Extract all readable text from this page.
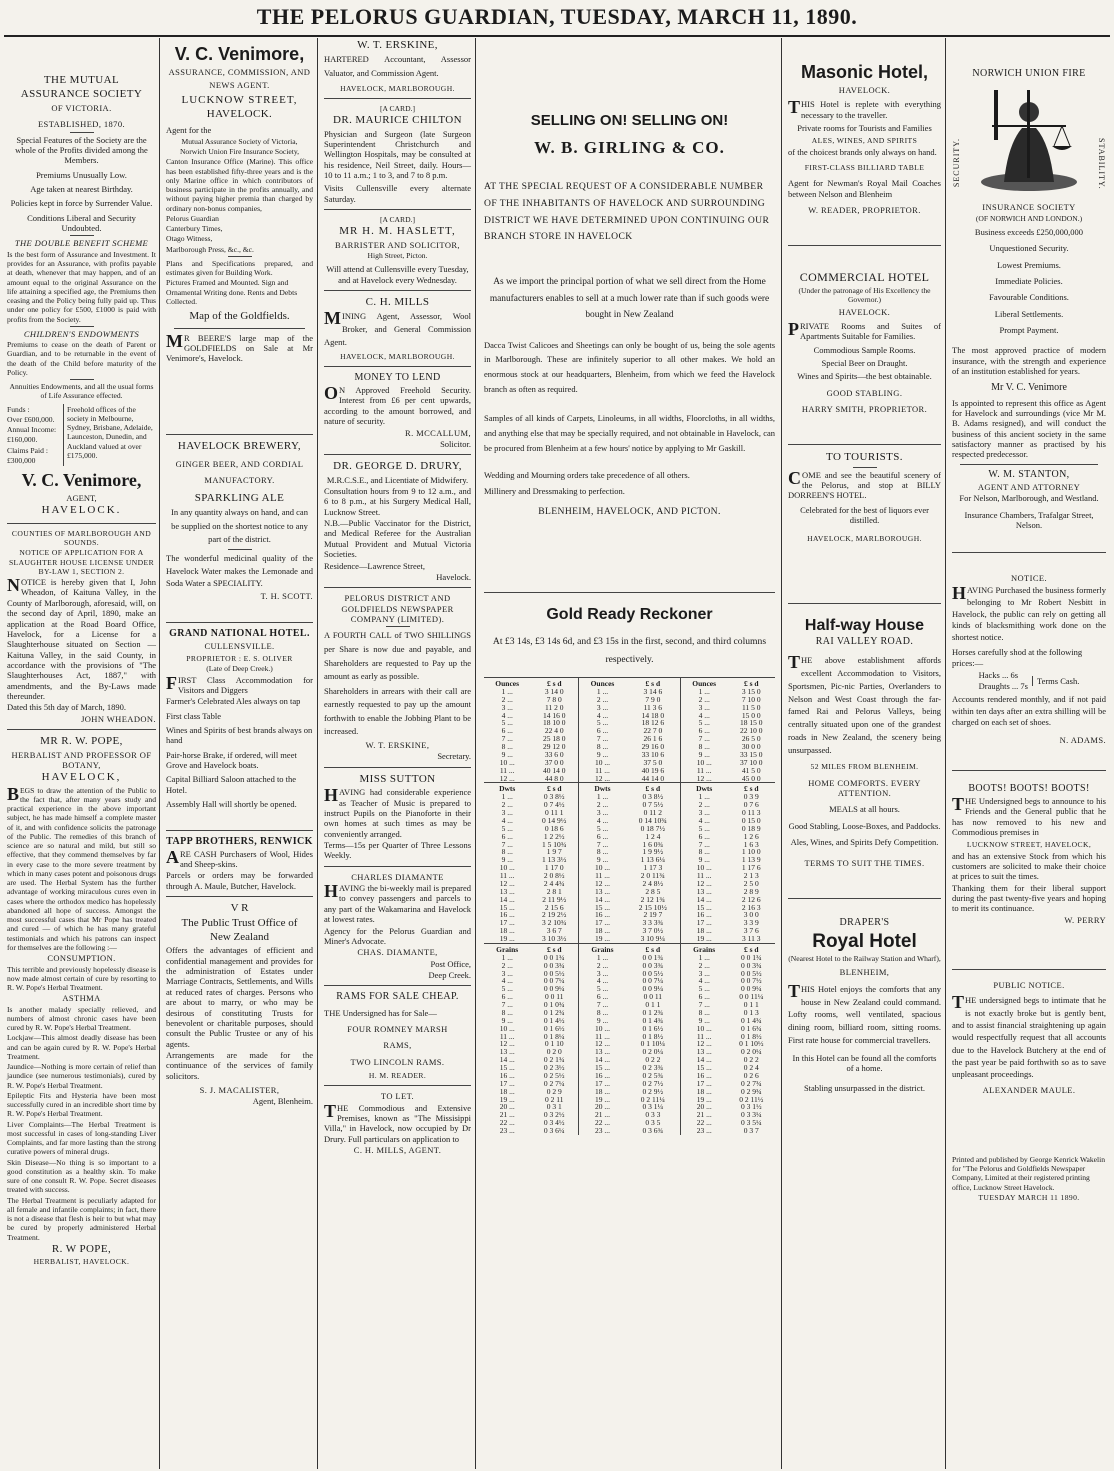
THE PELORUS GUARDIAN, TUESDAY, MARCH 11, 1890.

THE MUTUAL

ASSURANCE SOCIETY

OF VICTORIA.

ESTABLISHED, 1870.

Special Features of the Society are the whole of the Profits divided among the Members.

Premiums Unusually Low.

Age taken at nearest Birthday.

Policies kept in force by Surrender Value.

Conditions Liberal and Security Undoubted.

THE DOUBLE BENEFIT SCHEME

Is the best form of Assurance and Investment. It provides for an Assurance, with profits payable at death, whenever that may happen, and of an amount equal to the original Assurance on the life attaining a specified age, the Premiums then ceasing and the Policy being fully paid up. Thus under one policy for £500, £1000 is paid with profits from the Society.

CHILDREN'S ENDOWMENTS

Premiums to cease on the death of Parent or Guardian, and to be returnable in the event of the death of the Child before maturity of the Policy.

Annuities Endowments, and all the usual forms of Life Assurance effected.

Funds :

Over £600,000.

Annual Income:

£160,000.

Claims Paid :

£300,000

Freehold offices of the society in Melbourne, Sydney, Brisbane, Adelaide, Launceston, Dunedin, and Auckland valued at over £175,000.

V. C. Venimore,

AGENT,

HAVELOCK.

COUNTIES OF MARLBOROUGH AND SOUNDS.

NOTICE OF APPLICATION FOR A SLAUGHTER HOUSE LICENSE UNDER BY-LAW 1, SECTION 2.

NOTICE is hereby given that I, John Wheadon, of Kaituna Valley, in the County of Marlborough, aforesaid, will, on the second day of April, 1890, make an application at the Road Board Office, Havelock, for a License for a Slaughterhouse situated on Section — Kaituna Valley, in the said County, in accordance with the provisions of "The Slaughterhouses Act, 1887," with amendments, and the By-Laws made thereunder.

Dated this 5th day of March, 1890.

JOHN WHEADON.

MR R. W. POPE,

HERBALIST AND PROFESSOR OF BOTANY,

HAVELOCK,

BEGS to draw the attention of the Public to the fact that, after many years study and practical experience in the above important subject, he has made himself a complete master of it, and with confidence solicits the patronage of the Public. The remedies of this branch of science are so natural and mild, but still so effective, that they commend themselves by far in every case to the more severe treatment by which in many cases potent and poisonous drugs are used. The Herbal System has the further advantage of working miraculous cures even in cases where the orthodox medico has hopelessly abandoned all hope of success. Amongst the most successful cases that Mr Pope has treated and cured — of which he has many grateful testimonials and which his patrons can inspect for themselves are the following :—

CONSUMPTION.

This terrible and previously hopelessly disease is now made almost certain of cure by resorting to R. W. Pope's Herbal Treatment.

ASTHMA

Is another malady specially relieved, and numbers of almost chronic cases have been cured by R. W. Pope's Herbal Treatment.

Lockjaw—This almost deadly disease has been and can be again cured by R. W. Pope's Herbal Treatment.

Jaundice—Nothing is more certain of relief than jaundice (see numerous testimonials), cured by R. W. Pope's Herbal Treatment.

Epileptic Fits and Hysteria have been most successfully cured in an incredible short time by R. W. Pope's Herbal Treatment.

Liver Complaints—The Herbal Treatment is most successful in cases of long-standing Liver Complaints, and far more lasting than the strong curative powers of mineral drugs.

Skin Disease—No thing is so important to a good constitution as a healthy skin. To make sure of one consult R. W. Pope. Secret diseases treated with success.

The Herbal Treatment is peculiarly adapted for all female and infantile complaints; in fact, there is not a disease that flesh is heir to but what may be cured by properly administered Herbal Treatment.

R. W POPE,

HERBALIST, HAVELOCK.

V. C. Venimore,

ASSURANCE, COMMISSION, AND

NEWS AGENT.

LUCKNOW STREET,

HAVELOCK.

Agent for the

Mutual Assurance Society of Victoria,

Norwich Union Fire Insurance Society,

Canton Insurance Office (Marine). This office has been established fifty-three years and is the only Marine office in which contributors of business participate in the profits annually, and without paying higher premia than charged by ordinary non-bonus companies,

Pelorus Guardian

Canterbury Times,

Otago Witness,

Marlborough Press, &c., &c.

Plans and Specifications prepared, and estimates given for Building Work.

Pictures Framed and Mounted. Sign and Ornamental Writing done. Rents and Debts Collected.

Map of the Goldfields.

MR BEERE'S large map of the GOLDFIELDS on Sale at Mr Venimore's, Havelock.

HAVELOCK BREWERY,

GINGER BEER, AND CORDIAL

MANUFACTORY.

SPARKLING ALE

In any quantity always on hand, and can be supplied on the shortest notice to any part of the district.

The wonderful medicinal quality of the Havelock Water makes the Lemonade and Soda Water a SPECIALITY.

T. H. SCOTT.

GRAND NATIONAL HOTEL.

CULLENSVILLE.

PROPRIETOR : E. S. OLIVER

(Late of Deep Creek.)

FIRST Class Accommodation for Visitors and Diggers

Farmer's Celebrated Ales always on tap

First class Table

Wines and Spirits of best brands always on hand

Pair-horse Brake, if ordered, will meet Grove and Havelock boats.

Capital Billiard Saloon attached to the Hotel.

Assembly Hall will shortly be opened.

TAPP BROTHERS, RENWICK

ARE CASH Purchasers of Wool, Hides and Sheep-skins.

Parcels or orders may be forwarded through A. Maule, Butcher, Havelock.

V R

The Public Trust Office of

New Zealand

Offers the advantages of efficient and confidential management and provides for the administration of Estates under Marriage Contracts, Settlements, and Wills at reduced rates of charges. Persons who are about to marry, or who may be desirous of constituting Trusts for benevolent or charitable purposes, should consult the Public Trustee or any of his agents.

Arrangements are made for the continuance of the services of family solicitors.

S. J. MACALISTER,

Agent, Blenheim.

W. T. ERSKINE,

HARTERED Accountant, Assessor Valuator, and Commission Agent.

HAVELOCK, MARLBOROUGH.

[A CARD.]

DR. MAURICE CHILTON

Physician and Surgeon (late Surgeon Superintendent Christchurch and Wellington Hospitals, may be consulted at his residence, Neil Street, daily. Hours—10 to 11 a.m.; 1 to 3, and 7 to 8 p.m.

Visits Cullensville every alternate Saturday.

[A CARD.]

MR H. M. HASLETT,

BARRISTER AND SOLICITOR,

High Street, Picton.

Will attend at Cullensville every Tuesday, and at Havelock every Wednesday.

C. H. MILLS

MINING Agent, Assessor, Wool Broker, and General Commission Agent.

HAVELOCK, MARLBOROUGH.

MONEY TO LEND

ON Approved Freehold Security. Interest from £6 per cent upwards, according to the amount borrowed, and nature of security.

R. MCCALLUM,

Solicitor.

DR. GEORGE D. DRURY,

M.R.C.S.E., and Licentiate of Midwifery.

Consultation hours from 9 to 12 a.m., and 6 to 8 p.m., at his Surgery Medical Hall, Lucknow Street.

N.B.—Public Vaccinator for the District, and Medical Referee for the Australian Mutual Provident and Mutual Victoria Societies.

Residence—Lawrence Street,

Havelock.

PELORUS DISTRICT AND GOLDFIELDS NEWSPAPER COMPANY (LIMITED).

A FOURTH CALL of TWO SHILLINGS per Share is now due and payable, and Shareholders are requested to Pay up the amount as early as possible.

Shareholders in arrears with their call are earnestly requested to pay up the amount forthwith to enable the Jobbing Plant to be increased.

W. T. ERSKINE,

Secretary.

MISS SUTTON

HAVING had considerable experience as Teacher of Music is prepared to instruct Pupils on the Pianoforte in their own homes at such times as may be conveniently arranged.

Terms—15s per Quarter of Three Lessons Weekly.

CHARLES DIAMANTE

HAVING the bi-weekly mail is prepared to convey passengers and parcels to any part of the Wakamarina and Havelock at lowest rates.

Agency for the Pelorus Guardian and Miner's Advocate.

CHAS. DIAMANTE,

Post Office,

Deep Creek.

RAMS FOR SALE CHEAP.

THE Undersigned has for Sale—

FOUR ROMNEY MARSH

RAMS,

TWO LINCOLN RAMS.

H. M. READER.

TO LET.

THE Commodious and Extensive Premises, known as "The Missisippi Villa," in Havelock, now occupied by Dr Drury. Full particulars on application to

C. H. MILLS, AGENT.

SELLING ON! SELLING ON!

W. B. GIRLING & CO.

AT THE SPECIAL REQUEST OF A CONSIDERABLE NUMBER OF THE INHABITANTS OF HAVELOCK AND SURROUNDING DISTRICT WE HAVE DETERMINED UPON CONTINUING OUR BRANCH STORE IN HAVELOCK

As we import the principal portion of what we sell direct from the Home manufacturers enables to sell at a much lower rate than if such goods were bought in New Zealand

Dacca Twist Calicoes and Sheetings can only be bought of us, being the sole agents in Marlborough. These are infinitely superior to all other makes. We hold an enormous stock at our headquarters, Blenheim, from which we feed the Havelock branch as often as required.

Samples of all kinds of Carpets, Linoleums, in all widths, Floorcloths, in all widths, and anything else that may be specially required, and not obtainable in Havelock, can be procured from Blenheim at a few hours' notice by applying to Mr Gaskill.

Wedding and Mourning orders take precedence of all others.

Millinery and Dressmaking to perfection.

BLENHEIM, HAVELOCK, AND PICTON.

Gold Ready Reckoner

At £3 14s, £3 14s 6d, and £3 15s in the first, second, and third columns respectively.

Ounces	£ s d	Ounces	£ s d	Ounces	£ s d
1 ...	3 14 0	1 ...	3 14 6	1 ...	3 15 0
2 ...	7 8 0	2 ...	7 9 0	2 ...	7 10 0
3 ...	11 2 0	3 ...	11 3 6	3 ...	11 5 0
4 ...	14 16 0	4 ...	14 18 0	4 ...	15 0 0
5 ...	18 10 0	5 ...	18 12 6	5 ...	18 15 0
6 ...	22 4 0	6 ...	22 7 0	6 ...	22 10 0
7 ...	25 18 0	7 ...	26 1 6	7 ...	26 5 0
8 ...	29 12 0	8 ...	29 16 0	8 ...	30 0 0
9 ...	33 6 0	9 ...	33 10 6	9 ...	33 15 0
10 ...	37 0 0	10 ...	37 5 0	10 ...	37 10 0
11 ...	40 14 0	11 ...	40 19 6	11 ...	41 5 0
12 ...	44 8 0	12 ...	44 14 0	12 ...	45 0 0
Dwts	£ s d	Dwts	£ s d	Dwts	£ s d
1 ...	0 3 8½	1 ...	0 3 8½	1 ...	0 3 9
2 ...	0 7 4½	2 ...	0 7 5½	2 ...	0 7 6
3 ...	0 11 1	3 ...	0 11 2	3 ...	0 11 3
4 ...	0 14 9½	4 ...	0 14 10¾	4 ...	0 15 0
5 ...	0 18 6	5 ...	0 18 7½	5 ...	0 18 9
6 ...	1 2 2½	6 ...	1 2 4	6 ...	1 2 6
7 ...	1 5 10¾	7 ...	1 6 0¾	7 ...	1 6 3
8 ...	1 9 7	8 ...	1 9 9½	8 ...	1 10 0
9 ...	1 13 3½	9 ...	1 13 6¼	9 ...	1 13 9
10 ...	1 17 0	10 ...	1 17 3	10 ...	1 17 6
11 ...	2 0 8½	11 ...	2 0 11¾	11 ...	2 1 3
12 ...	2 4 4¾	12 ...	2 4 8½	12 ...	2 5 0
13 ...	2 8 1	13 ...	2 8 5	13 ...	2 8 9
14 ...	2 11 9½	14 ...	2 12 1¾	14 ...	2 12 6
15 ...	2 15 6	15 ...	2 15 10½	15 ...	2 16 3
16 ...	2 19 2½	16 ...	2 19 7	16 ...	3 0 0
17 ...	3 2 10¾	17 ...	3 3 3¾	17 ...	3 3 9
18 ...	3 6 7	18 ...	3 7 0½	18 ...	3 7 6
19 ...	3 10 3½	19 ...	3 10 9¼	19 ...	3 11 3
Grains	£ s d	Grains	£ s d	Grains	£ s d
1 ...	0 0 1¾	1 ...	0 0 1¾	1 ...	0 0 1¾
2 ...	0 0 3¾	2 ...	0 0 3¾	2 ...	0 0 3¾
3 ...	0 0 5½	3 ...	0 0 5½	3 ...	0 0 5½
4 ...	0 0 7¼	4 ...	0 0 7¼	4 ...	0 0 7½
5 ...	0 0 9¼	5 ...	0 0 9¼	5 ...	0 0 9¼
6 ...	0 0 11	6 ...	0 0 11	6 ...	0 0 11¼
7 ...	0 1 0¾	7 ...	0 1 1	7 ...	0 1 1
8 ...	0 1 2¾	8 ...	0 1 2¾	8 ...	0 1 3
9 ...	0 1 4½	9 ...	0 1 4¾	9 ...	0 1 4¾
10 ...	0 1 6½	10 ...	0 1 6½	10 ...	0 1 6¾
11 ...	0 1 8¼	11 ...	0 1 8½	11 ...	0 1 8½
12 ...	0 1 10	12 ...	0 1 10¼	12 ...	0 1 10½
13 ...	0 2 0	13 ...	0 2 0¼	13 ...	0 2 0¼
14 ...	0 2 1¾	14 ...	0 2 2	14 ...	0 2 2
15 ...	0 2 3½	15 ...	0 2 3¾	15 ...	0 2 4
16 ...	0 2 5½	16 ...	0 2 5¾	16 ...	0 2 6
17 ...	0 2 7¼	17 ...	0 2 7½	17 ...	0 2 7¾
18 ...	0 2 9	18 ...	0 2 9½	18 ...	0 2 9¾
19 ...	0 2 11	19 ...	0 2 11¼	19 ...	0 2 11½
20 ...	0 3 1	20 ...	0 3 1¼	20 ...	0 3 1½
21 ...	0 3 2½	21 ...	0 3 3	21 ...	0 3 3¼
22 ...	0 3 4½	22 ...	0 3 5	22 ...	0 3 5¼
23 ...	0 3 6¼	23 ...	0 3 6¾	23 ...	0 3 7

Masonic Hotel,

HAVELOCK.

THIS Hotel is replete with everything necessary to the traveller.

Private rooms for Tourists and Families

ALES, WINES, AND SPIRITS

of the choicest brands only always on hand.

FIRST-CLASS BILLIARD TABLE

Agent for Newman's Royal Mail Coaches between Nelson and Blenheim

W. READER, PROPRIETOR.

COMMERCIAL HOTEL

(Under the patronage of His Excellency the Governor.)

HAVELOCK.

PRIVATE Rooms and Suites of Apartments Suitable for Families.

Commodious Sample Rooms.

Special Beer on Draught.

Wines and Spirits—the best obtainable.

GOOD STABLING.

HARRY SMITH, PROPRIETOR.

TO TOURISTS.

COME and see the beautiful scenery of the Pelorus, and stop at BILLY DORREEN'S HOTEL.

Celebrated for the best of liquors ever distilled.

HAVELOCK, MARLBOROUGH.

Half-way House

RAI VALLEY ROAD.

THE above establishment affords excellent Accommodation to Visitors, Sportsmen, Pic-nic Parties, Overlanders to Nelson and West Coast through the far-famed Rai and Pelorus Valleys, being centrally situated upon one of the grandest roads in New Zealand, the scenery being unsurpassed.

52 MILES FROM BLENHEIM.

HOME COMFORTS. EVERY ATTENTION.

MEALS at all hours.

Good Stabling, Loose-Boxes, and Paddocks.

Ales, Wines, and Spirits Defy Competition.

TERMS TO SUIT THE TIMES.

DRAPER'S

Royal Hotel

(Nearest Hotel to the Railway Station and Wharf),

BLENHEIM,

THIS Hotel enjoys the comforts that any house in New Zealand could command. Lofty rooms, well ventilated, spacious dining room, billiard room, sitting rooms. First rate house for commercial travellers.

In this Hotel can be found all the comforts of a home.

Stabling unsurpassed in the district.

NORWICH UNION FIRE

SECURITY.	STABILITY.

INSURANCE SOCIETY

(OF NORWICH AND LONDON.)

Business exceeds £250,000,000

Unquestioned Security.

Lowest Premiums.

Immediate Policies.

Favourable Conditions.

Liberal Settlements.

Prompt Payment.

The most approved practice of modern insurance, with the strength and experience of an institution established for years.

Mr V. C. Venimore

Is appointed to represent this office as Agent for Havelock and surroundings (vice Mr M. B. Adams resigned), and will conduct the business of this ancient society in the same satisfactory manner as practised by his respected predecessor.

W. M. STANTON,

AGENT AND ATTORNEY

For Nelson, Marlborough, and Westland.

Insurance Chambers, Trafalgar Street, Nelson.

NOTICE.

HAVING Purchased the business formerly belonging to Mr Robert Nesbitt in Havelock, the public can rely on getting all kinds of blacksmithing work done on the shortest notice.

Horses carefully shod at the following prices:—

Hacks ... 6s

Draughts ... 7s

Terms Cash.

Accounts rendered monthly, and if not paid within ten days after an extra shilling will be charged on each set of shoes.

N. ADAMS.

BOOTS! BOOTS! BOOTS!

THE Undersigned begs to announce to his Friends and the General public that he has now removed to his new and Commodious premises in

LUCKNOW STREET, HAVELOCK,

and has an extensive Stock from which his customers are solicited to make their choice at prices to suit the times.

Thanking them for their liberal support during the past twenty-five years and hoping to merit its continuance.

W. PERRY

PUBLIC NOTICE.

THE undersigned begs to intimate that he is not exactly broke but is gently bent, and to assist financial straightening up again would respectfully request that all accounts due to the Havelock Butchery at the end of the past year be paid forthwith so as to save unpleasant proceedings.

ALEXANDER MAULE.

Printed and published by George Kenrick Wakelin for "The Pelorus and Goldfields Newspaper Company, Limited at their registered printing office, Lucknow Street Havelock.

TUESDAY MARCH 11 1890.
